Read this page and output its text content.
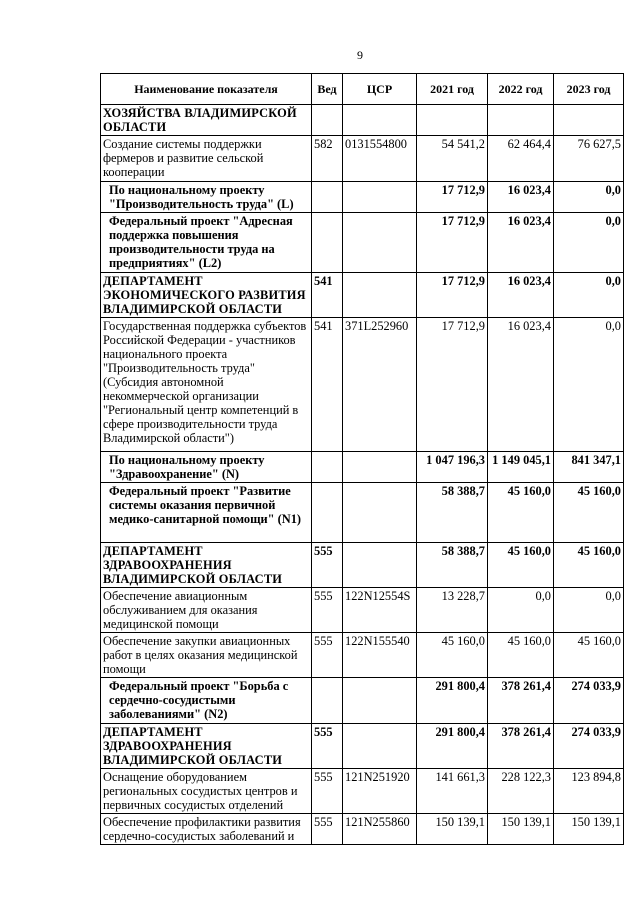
9
Наименование показателя	Вед	ЦСР	2021 год	2022 год	2023 год
ХОЗЯЙСТВА ВЛАДИМИРСКОЙ ОБЛАСТИ					
Создание системы поддержки фермеров и развитие сельской кооперации	582	0131554800	54 541,2	62 464,4	76 627,5
По национальному проекту "Производительность труда" (L)			17 712,9	16 023,4	0,0
Федеральный проект "Адресная поддержка повышения производительности труда на предприятиях" (L2)			17 712,9	16 023,4	0,0
ДЕПАРТАМЕНТ ЭКОНОМИЧЕСКОГО РАЗВИТИЯ ВЛАДИМИРСКОЙ ОБЛАСТИ	541		17 712,9	16 023,4	0,0
Государственная поддержка субъектов Российской Федерации - участников национального проекта "Производительность труда" (Субсидия автономной некоммерческой организации "Региональный центр компетенций в сфере производительности труда Владимирской области")	541	371L252960	17 712,9	16 023,4	0,0
По национальному проекту "Здравоохранение" (N)			1 047 196,3	1 149 045,1	841 347,1
Федеральный проект "Развитие системы оказания первичной медико-санитарной помощи" (N1)			58 388,7	45 160,0	45 160,0
ДЕПАРТАМЕНТ ЗДРАВООХРАНЕНИЯ ВЛАДИМИРСКОЙ ОБЛАСТИ	555		58 388,7	45 160,0	45 160,0
Обеспечение авиационным обслуживанием для оказания медицинской помощи	555	122N12554S	13 228,7	0,0	0,0
Обеспечение закупки авиационных работ в целях оказания медицинской помощи	555	122N155540	45 160,0	45 160,0	45 160,0
Федеральный проект "Борьба с сердечно-сосудистыми заболеваниями" (N2)			291 800,4	378 261,4	274 033,9
ДЕПАРТАМЕНТ ЗДРАВООХРАНЕНИЯ ВЛАДИМИРСКОЙ ОБЛАСТИ	555		291 800,4	378 261,4	274 033,9
Оснащение оборудованием региональных сосудистых центров и первичных сосудистых отделений	555	121N251920	141 661,3	228 122,3	123 894,8
Обеспечение профилактики развития сердечно-сосудистых заболеваний и	555	121N255860	150 139,1	150 139,1	150 139,1
